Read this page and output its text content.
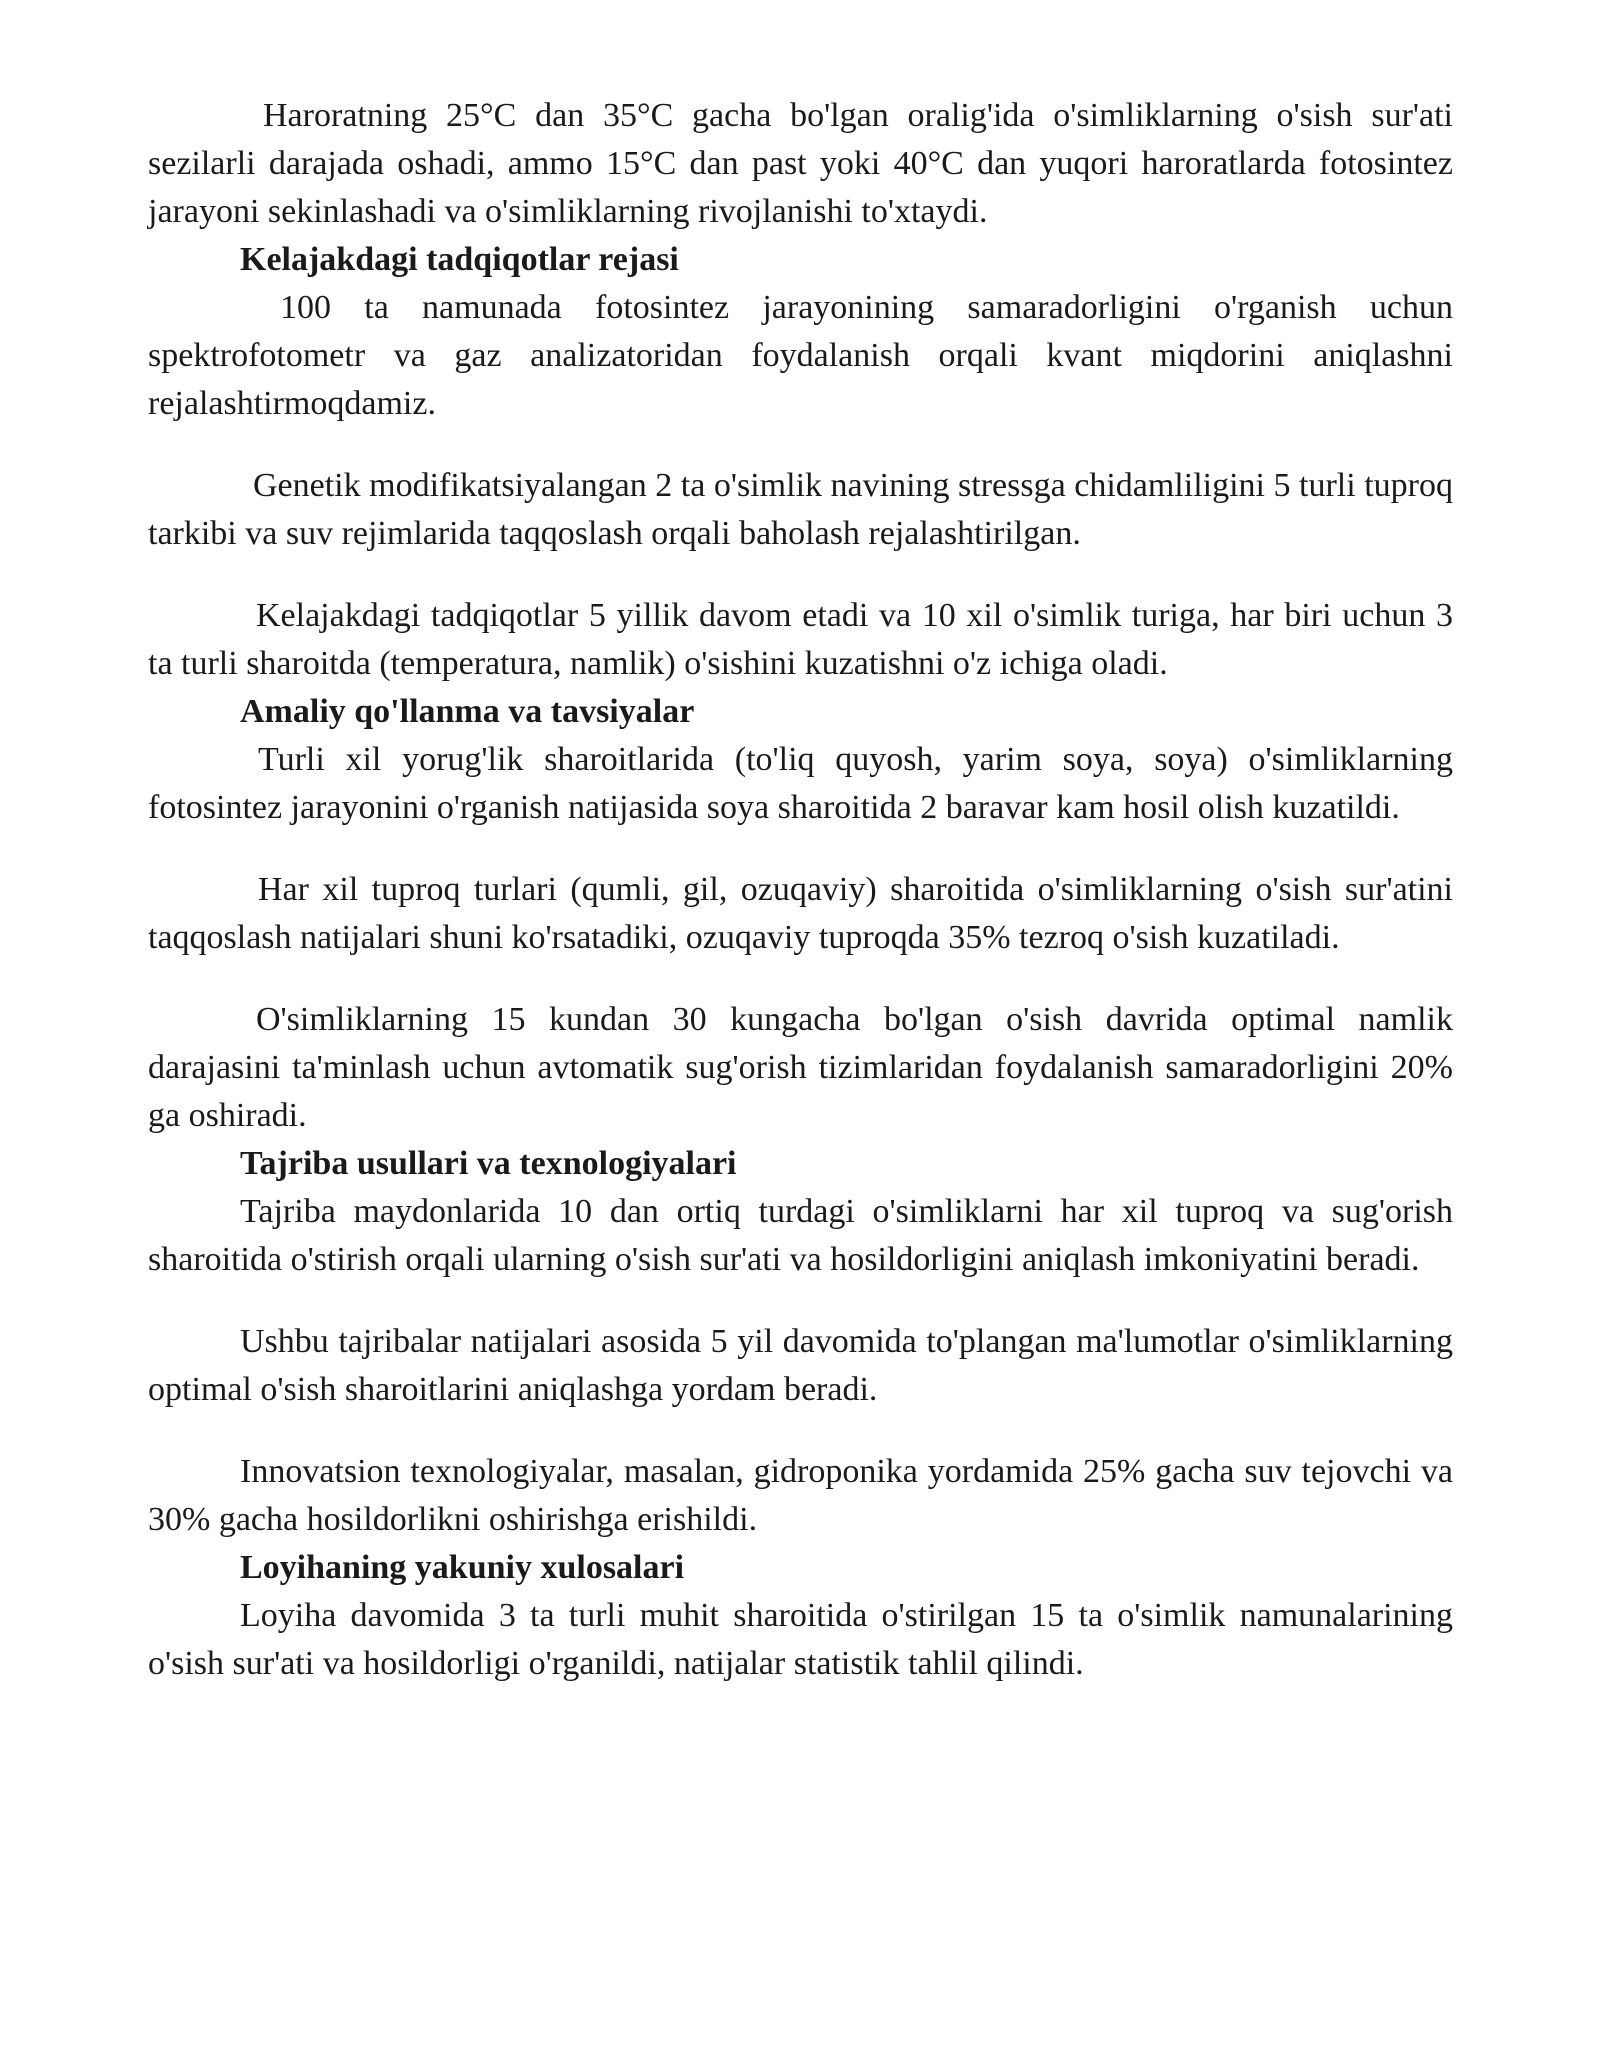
Haroratning 25°C dan 35°C gacha bo'lgan oralig'ida o'simliklarning o'sish sur'ati sezilarli darajada oshadi, ammo 15°C dan past yoki 40°C dan yuqori haroratlarda fotosintez jarayoni sekinlashadi va o'simliklarning rivojlanishi to'xtaydi.

Kelajakdagi tadqiqotlar rejasi

100 ta namunada fotosintez jarayonining samaradorligini o'rganish uchun spektrofotometr va gaz analizatoridan foydalanish orqali kvant miqdorini aniqlashni rejalashtirmoqdamiz.

Genetik modifikatsiyalangan 2 ta o'simlik navining stressga chidamliligini 5 turli tuproq tarkibi va suv rejimlarida taqqoslash orqali baholash rejalashtirilgan.

Kelajakdagi tadqiqotlar 5 yillik davom etadi va 10 xil o'simlik turiga, har biri uchun 3 ta turli sharoitda (temperatura, namlik) o'sishini kuzatishni o'z ichiga oladi.

Amaliy qo'llanma va tavsiyalar

Turli xil yorug'lik sharoitlarida (to'liq quyosh, yarim soya, soya) o'simliklarning fotosintez jarayonini o'rganish natijasida soya sharoitida 2 baravar kam hosil olish kuzatildi.

Har xil tuproq turlari (qumli, gil, ozuqaviy) sharoitida o'simliklarning o'sish sur'atini taqqoslash natijalari shuni ko'rsatadiki, ozuqaviy tuproqda 35% tezroq o'sish kuzatiladi.

O'simliklarning 15 kundan 30 kungacha bo'lgan o'sish davrida optimal namlik darajasini ta'minlash uchun avtomatik sug'orish tizimlaridan foydalanish samaradorligini 20% ga oshiradi.

Tajriba usullari va texnologiyalari

Tajriba maydonlarida 10 dan ortiq turdagi o'simliklarni har xil tuproq va sug'orish sharoitida o'stirish orqali ularning o'sish sur'ati va hosildorligini aniqlash imkoniyatini beradi.

Ushbu tajribalar natijalari asosida 5 yil davomida to'plangan ma'lumotlar o'simliklarning optimal o'sish sharoitlarini aniqlashga yordam beradi.

Innovatsion texnologiyalar, masalan, gidroponika yordamida 25% gacha suv tejovchi va 30% gacha hosildorlikni oshirishga erishildi.

Loyihaning yakuniy xulosalari

Loyiha davomida 3 ta turli muhit sharoitida o'stirilgan 15 ta o'simlik namunalarining o'sish sur'ati va hosildorligi o'rganildi, natijalar statistik tahlil qilindi.
